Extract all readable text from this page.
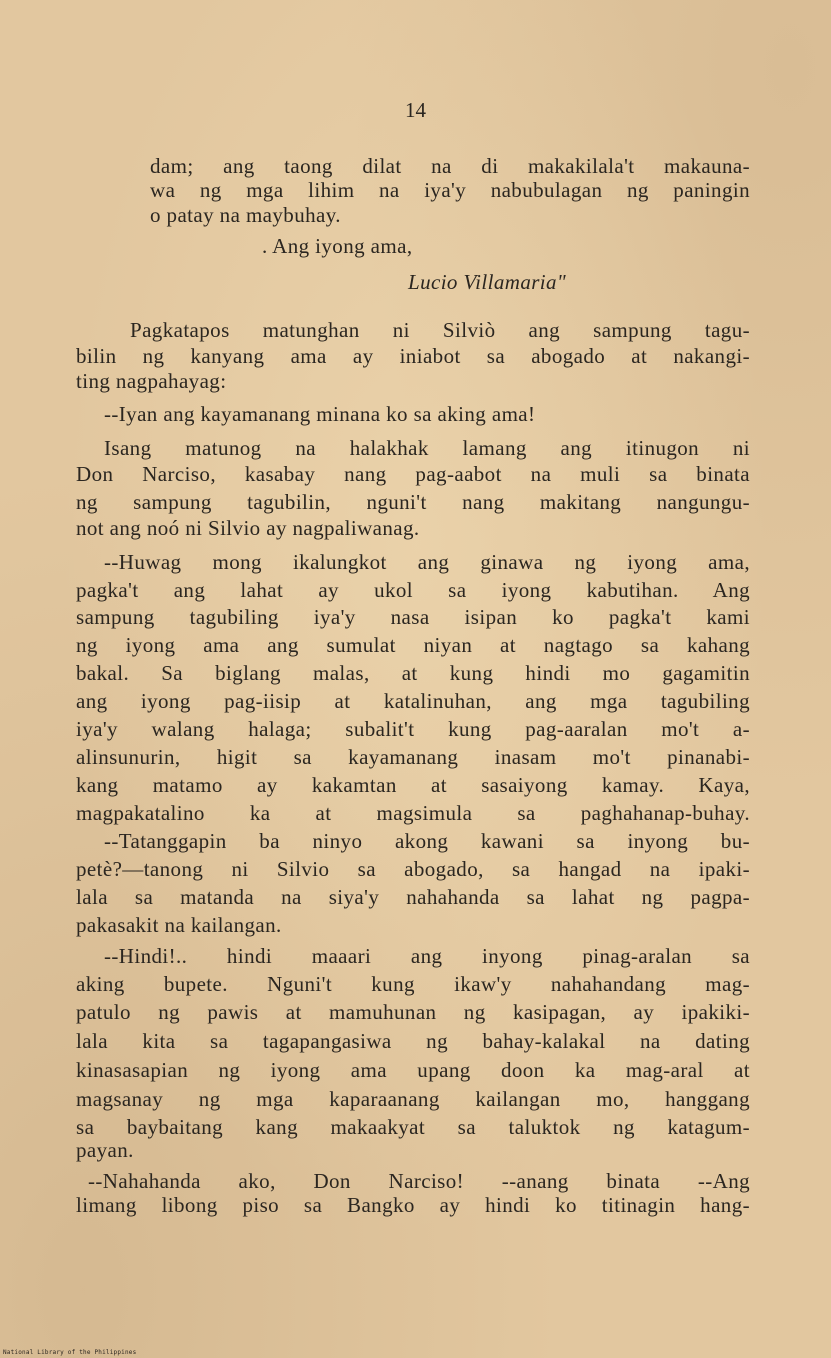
14
dam; ang taong dilat na di makakilala't makauna-
wa ng mga lihim na iya'y nabubulagan ng paningin
o patay na maybuhay.
. Ang iyong ama,
Lucio Villamaria"
Pagkatapos matunghan ni Silviò ang sampung tagu-
bilin ng kanyang ama ay iniabot sa abogado at nakangi-
ting nagpahayag:
--Iyan ang kayamanang minana ko sa aking ama!
Isang matunog na halakhak lamang ang itinugon ni
Don Narciso, kasabay nang pag-aabot na muli sa binata
ng sampung tagubilin, nguni't nang makitang nangungu-
not ang noó ni Silvio ay nagpaliwanag.
--Huwag mong ikalungkot ang ginawa ng iyong ama,
pagka't ang lahat ay ukol sa iyong kabutihan. Ang
sampung tagubiling iya'y nasa isipan ko pagka't kami
ng iyong ama ang sumulat niyan at nagtago sa kahang
bakal. Sa biglang malas, at kung hindi mo gagamitin
ang iyong pag-iisip at katalinuhan, ang mga tagubiling
iya'y walang halaga; subalit't kung pag-aaralan mo't a-
alinsunurin, higit sa kayamanang inasam mo't pinanabi-
kang matamo ay kakamtan at sasaiyong kamay. Kaya,
magpakatalino ka at magsimula sa paghahanap-buhay.
--Tatanggapin ba ninyo akong kawani sa inyong bu-
petè?—tanong ni Silvio sa abogado, sa hangad na ipaki-
lala sa matanda na siya'y nahahanda sa lahat ng pagpa-
pakasakit na kailangan.
--Hindi!.. hindi maaari ang inyong pinag-aralan sa
aking bupete. Nguni't kung ikaw'y nahahandang mag-
patulo ng pawis at mamuhunan ng kasipagan, ay ipakiki-
lala kita sa tagapangasiwa ng bahay-kalakal na dating
kinasasapian ng iyong ama upang doon ka mag-aral at
magsanay ng mga kaparaanang kailangan mo, hanggang
sa baybaitang kang makaakyat sa taluktok ng katagum-
payan.
--Nahahanda ako, Don Narciso! --anang binata --Ang
limang libong piso sa Bangko ay hindi ko titinagin hang-
National Library of the Philippines
